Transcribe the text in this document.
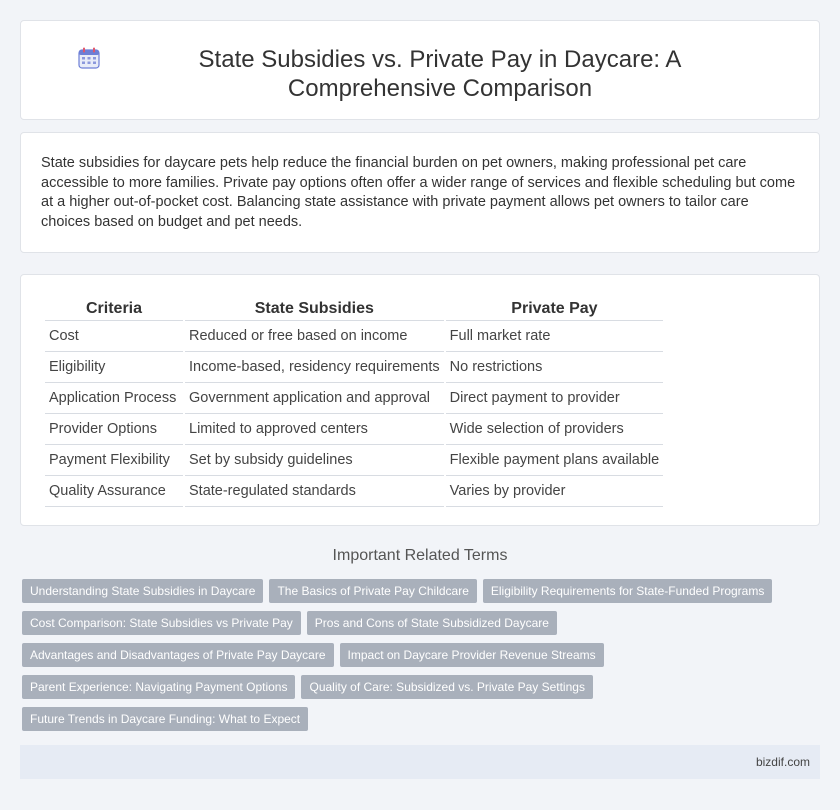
State Subsidies vs. Private Pay in Daycare: A Comprehensive Comparison

State subsidies for daycare pets help reduce the financial burden on pet owners, making professional pet care accessible to more families. Private pay options often offer a wider range of services and flexible scheduling but come at a higher out-of-pocket cost. Balancing state assistance with private payment allows pet owners to tailor care choices based on budget and pet needs.

Criteria	State Subsidies	Private Pay
Cost	Reduced or free based on income	Full market rate
Eligibility	Income-based, residency requirements	No restrictions
Application Process	Government application and approval	Direct payment to provider
Provider Options	Limited to approved centers	Wide selection of providers
Payment Flexibility	Set by subsidy guidelines	Flexible payment plans available
Quality Assurance	State-regulated standards	Varies by provider
Important Related Terms
Understanding State Subsidies in Daycare	The Basics of Private Pay Childcare	Eligibility Requirements for State-Funded Programs
Cost Comparison: State Subsidies vs Private Pay	Pros and Cons of State Subsidized Daycare
Advantages and Disadvantages of Private Pay Daycare	Impact on Daycare Provider Revenue Streams
Parent Experience: Navigating Payment Options	Quality of Care: Subsidized vs. Private Pay Settings
Future Trends in Daycare Funding: What to Expect
bizdif.com
